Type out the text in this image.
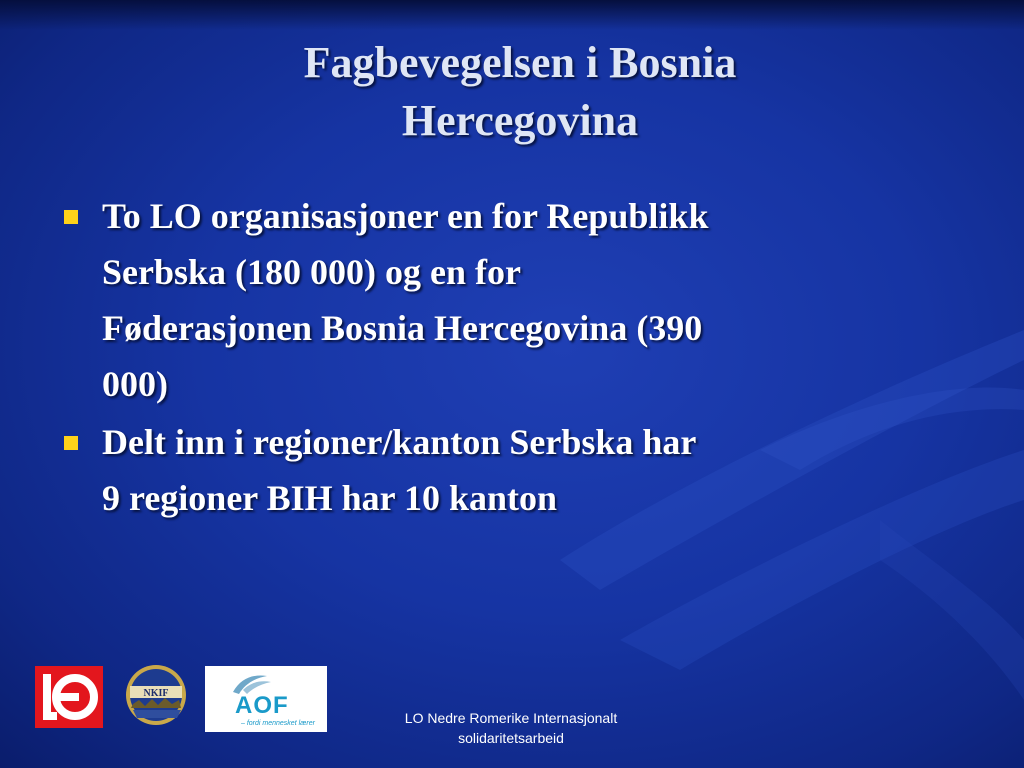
Fagbevegelsen i Bosnia
Hercegovina
To LO organisasjoner en for Republikk
Serbska (180 000) og en for
Føderasjonen Bosnia Hercegovina (390
000)
Delt inn i regioner/kanton Serbska har
9 regioner BIH har 10 kanton
NKIF	AOF
– fordi mennesket lærer	LO Nedre Romerike Internasjonalt
solidaritetsarbeid
